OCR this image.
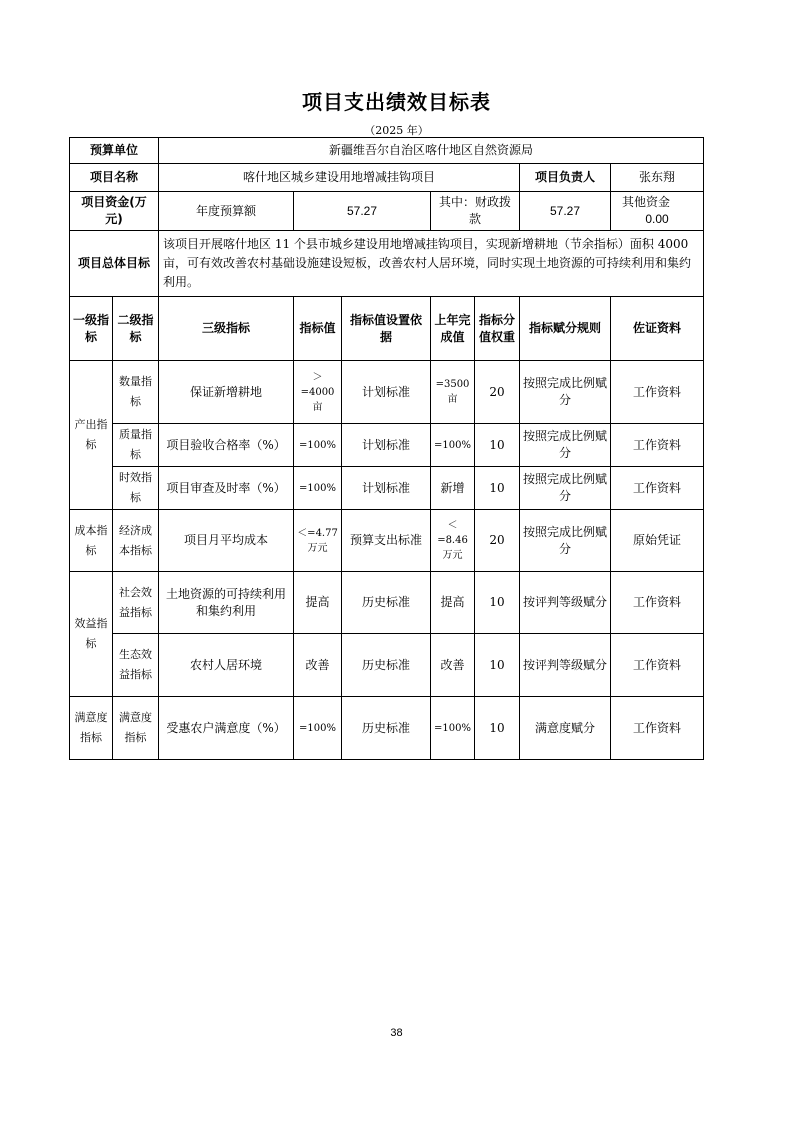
项目支出绩效目标表
（2025 年）
预算单位		新疆维吾尔自治区喀什地区自然资源局						
项目名称		喀什地区城乡建设用地增减挂钩项目					项目负责人	张东翔
项目资金(万元)		年度预算额	57.27		其中：财政拨款		57.27	其他资金0.00
项目总体目标		该项目开展喀什地区 11 个县市城乡建设用地增减挂钩项目，实现新增耕地（节余指标）面积 4000 亩，可有效改善农村基础设施建设短板，改善农村人居环境，同时实现土地资源的可持续利用和集约利用。						
一级指标	二级指标	三级指标	指标值	指标值设置依据	上年完成值	指标分值权重	指标赋分规则	佐证资料
产出指标	数量指标	保证新增耕地	＞=4000亩	计划标准	=3500亩	20	按照完成比例赋分	工作资料
	质量指标	项目验收合格率（%）	=100%	计划标准	=100%	10	按照完成比例赋分	工作资料
	时效指标	项目审查及时率（%）	=100%	计划标准	新增	10	按照完成比例赋分	工作资料
成本指标	经济成本指标	项目月平均成本	＜=4.77万元	预算支出标准	＜=8.46万元	20	按照完成比例赋分	原始凭证
效益指标	社会效益指标	土地资源的可持续利用和集约利用	提高	历史标准	提高	10	按评判等级赋分	工作资料
	生态效益指标	农村人居环境	改善	历史标准	改善	10	按评判等级赋分	工作资料
满意度指标	满意度指标	受惠农户满意度（%）	=100%	历史标准	=100%	10	满意度赋分	工作资料
38
